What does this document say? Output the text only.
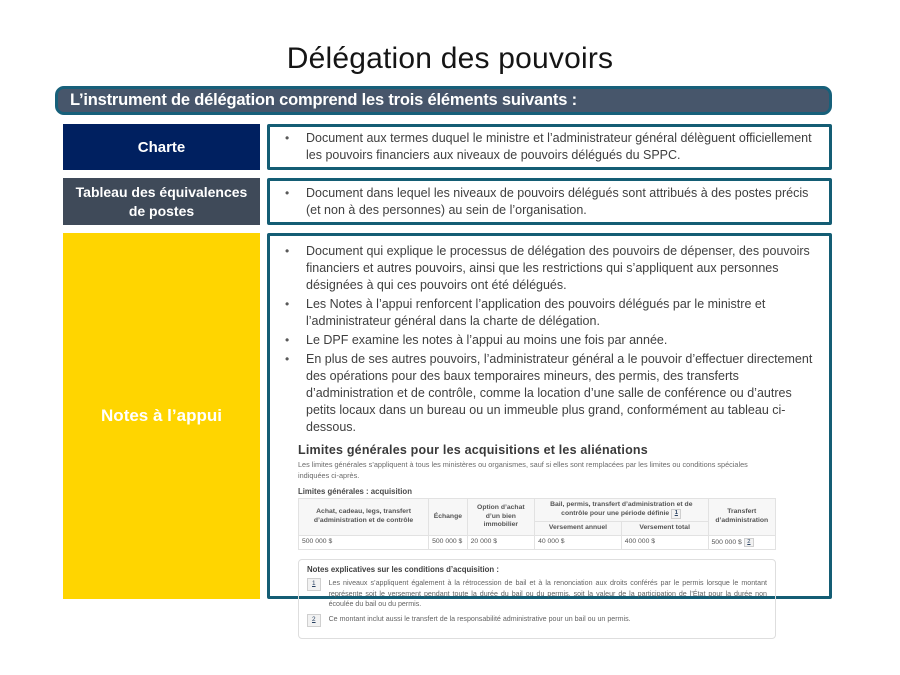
Délégation des pouvoirs
L’instrument de délégation comprend les trois éléments suivants :
Charte
• Document aux termes duquel le ministre et l’administrateur général délèguent officiellement les pouvoirs financiers aux niveaux de pouvoirs délégués du SPPC.
Tableau des équivalences de postes
• Document dans lequel les niveaux de pouvoirs délégués sont attribués à des postes précis (et non à des personnes) au sein de l’organisation.
Notes à l’appui
• Document qui explique le processus de délégation des pouvoirs de dépenser, des pouvoirs financiers et autres pouvoirs, ainsi que les restrictions qui s’appliquent aux personnes désignées à qui ces pouvoirs ont été délégués.
• Les Notes à l’appui renforcent l’application des pouvoirs délégués par le ministre et l’administrateur général dans la charte de délégation.
• Le DPF examine les notes à l’appui au moins une fois par année.
• En plus de ses autres pouvoirs, l’administrateur général a le pouvoir d’effectuer directement des opérations pour des baux temporaires mineurs, des permis, des transferts d’administration et de contrôle, comme la location d’une salle de conférence ou d’autres petits locaux dans un bureau ou un immeuble plus grand, conformément au tableau ci-dessous.

Limites générales pour les acquisitions et les aliénations

Les limites générales s’appliquent à tous les ministères ou organismes, sauf si elles sont remplacées par les limites ou conditions spéciales indiquées ci-après.

Limites générales : acquisition

Achat, cadeau, legs, transfert d’administration et de contrôle	Échange	Option d’achat d’un bien immobilier	Bail, permis, transfert d’administration et de contrôle pour une période définie 1		Transfert d’administration
			Versement annuel	Versement total	
500 000 $	500 000 $	20 000 $	40 000 $	400 000 $	500 000 $ 2

Notes explicatives sur les conditions d’acquisition :

1	Les niveaux s’appliquent également à la rétrocession de bail et à la renonciation aux droits conférés par le permis lorsque le montant représente soit le versement pendant toute la durée du bail ou du permis, soit la valeur de la participation de l’État pour la durée non écoulée du bail ou du permis.
2	Ce montant inclut aussi le transfert de la responsabilité administrative pour un bail ou un permis.
